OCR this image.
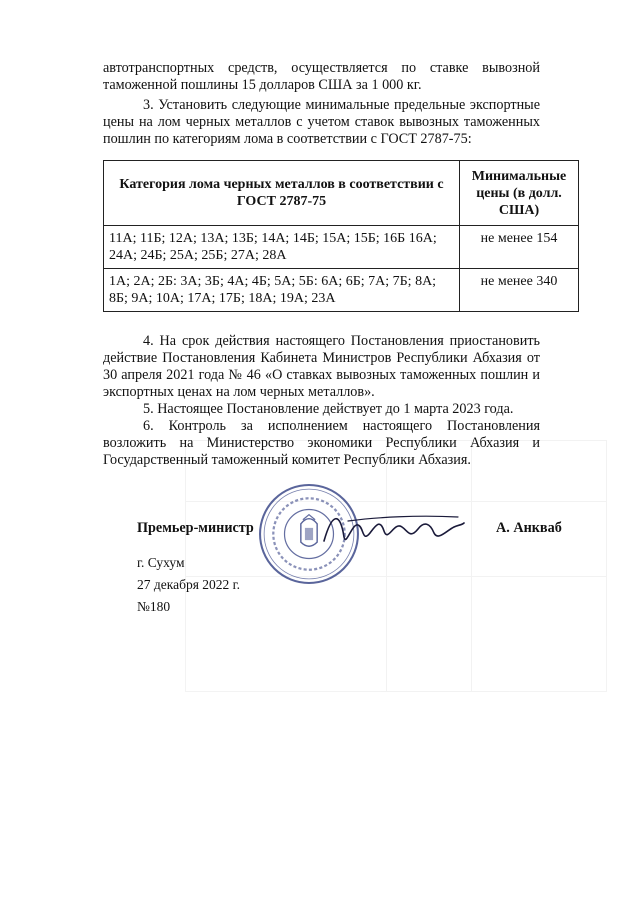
автотранспортных средств, осуществляется по ставке вывозной таможенной пошлины 15 долларов США за 1 000 кг.

3. Установить следующие минимальные предельные экспортные цены на лом черных металлов с учетом ставок вывозных таможенных пошлин по категориям лома в соответствии с ГОСТ 2787-75:

Категория лома черных металлов в соответствии с ГОСТ 2787-75	Минимальные цены (в долл. США)
11А; 11Б; 12А; 13А; 13Б; 14А; 14Б; 15А; 15Б; 16Б 16А; 24А; 24Б; 25А; 25Б; 27А; 28А	не менее 154
1А; 2А; 2Б: 3А; 3Б; 4А; 4Б; 5А; 5Б: 6А; 6Б; 7А; 7Б; 8А; 8Б; 9А; 10А; 17А; 17Б; 18А; 19А; 23А	не менее 340

4. На срок действия настоящего Постановления приостановить действие Постановления Кабинета Министров Республики Абхазия от 30 апреля 2021 года № 46 «О ставках вывозных таможенных пошлин и экспортных ценах на лом черных металлов».

5. Настоящее Постановление действует до 1 марта 2023 года.

6. Контроль за исполнением настоящего Постановления возложить на Министерство экономики Республики Абхазия и Государственный таможенный комитет Республики Абхазия.

Премьер-министр	А. Анкваб
г. Сухум
27 декабря 2022 г.
№180
